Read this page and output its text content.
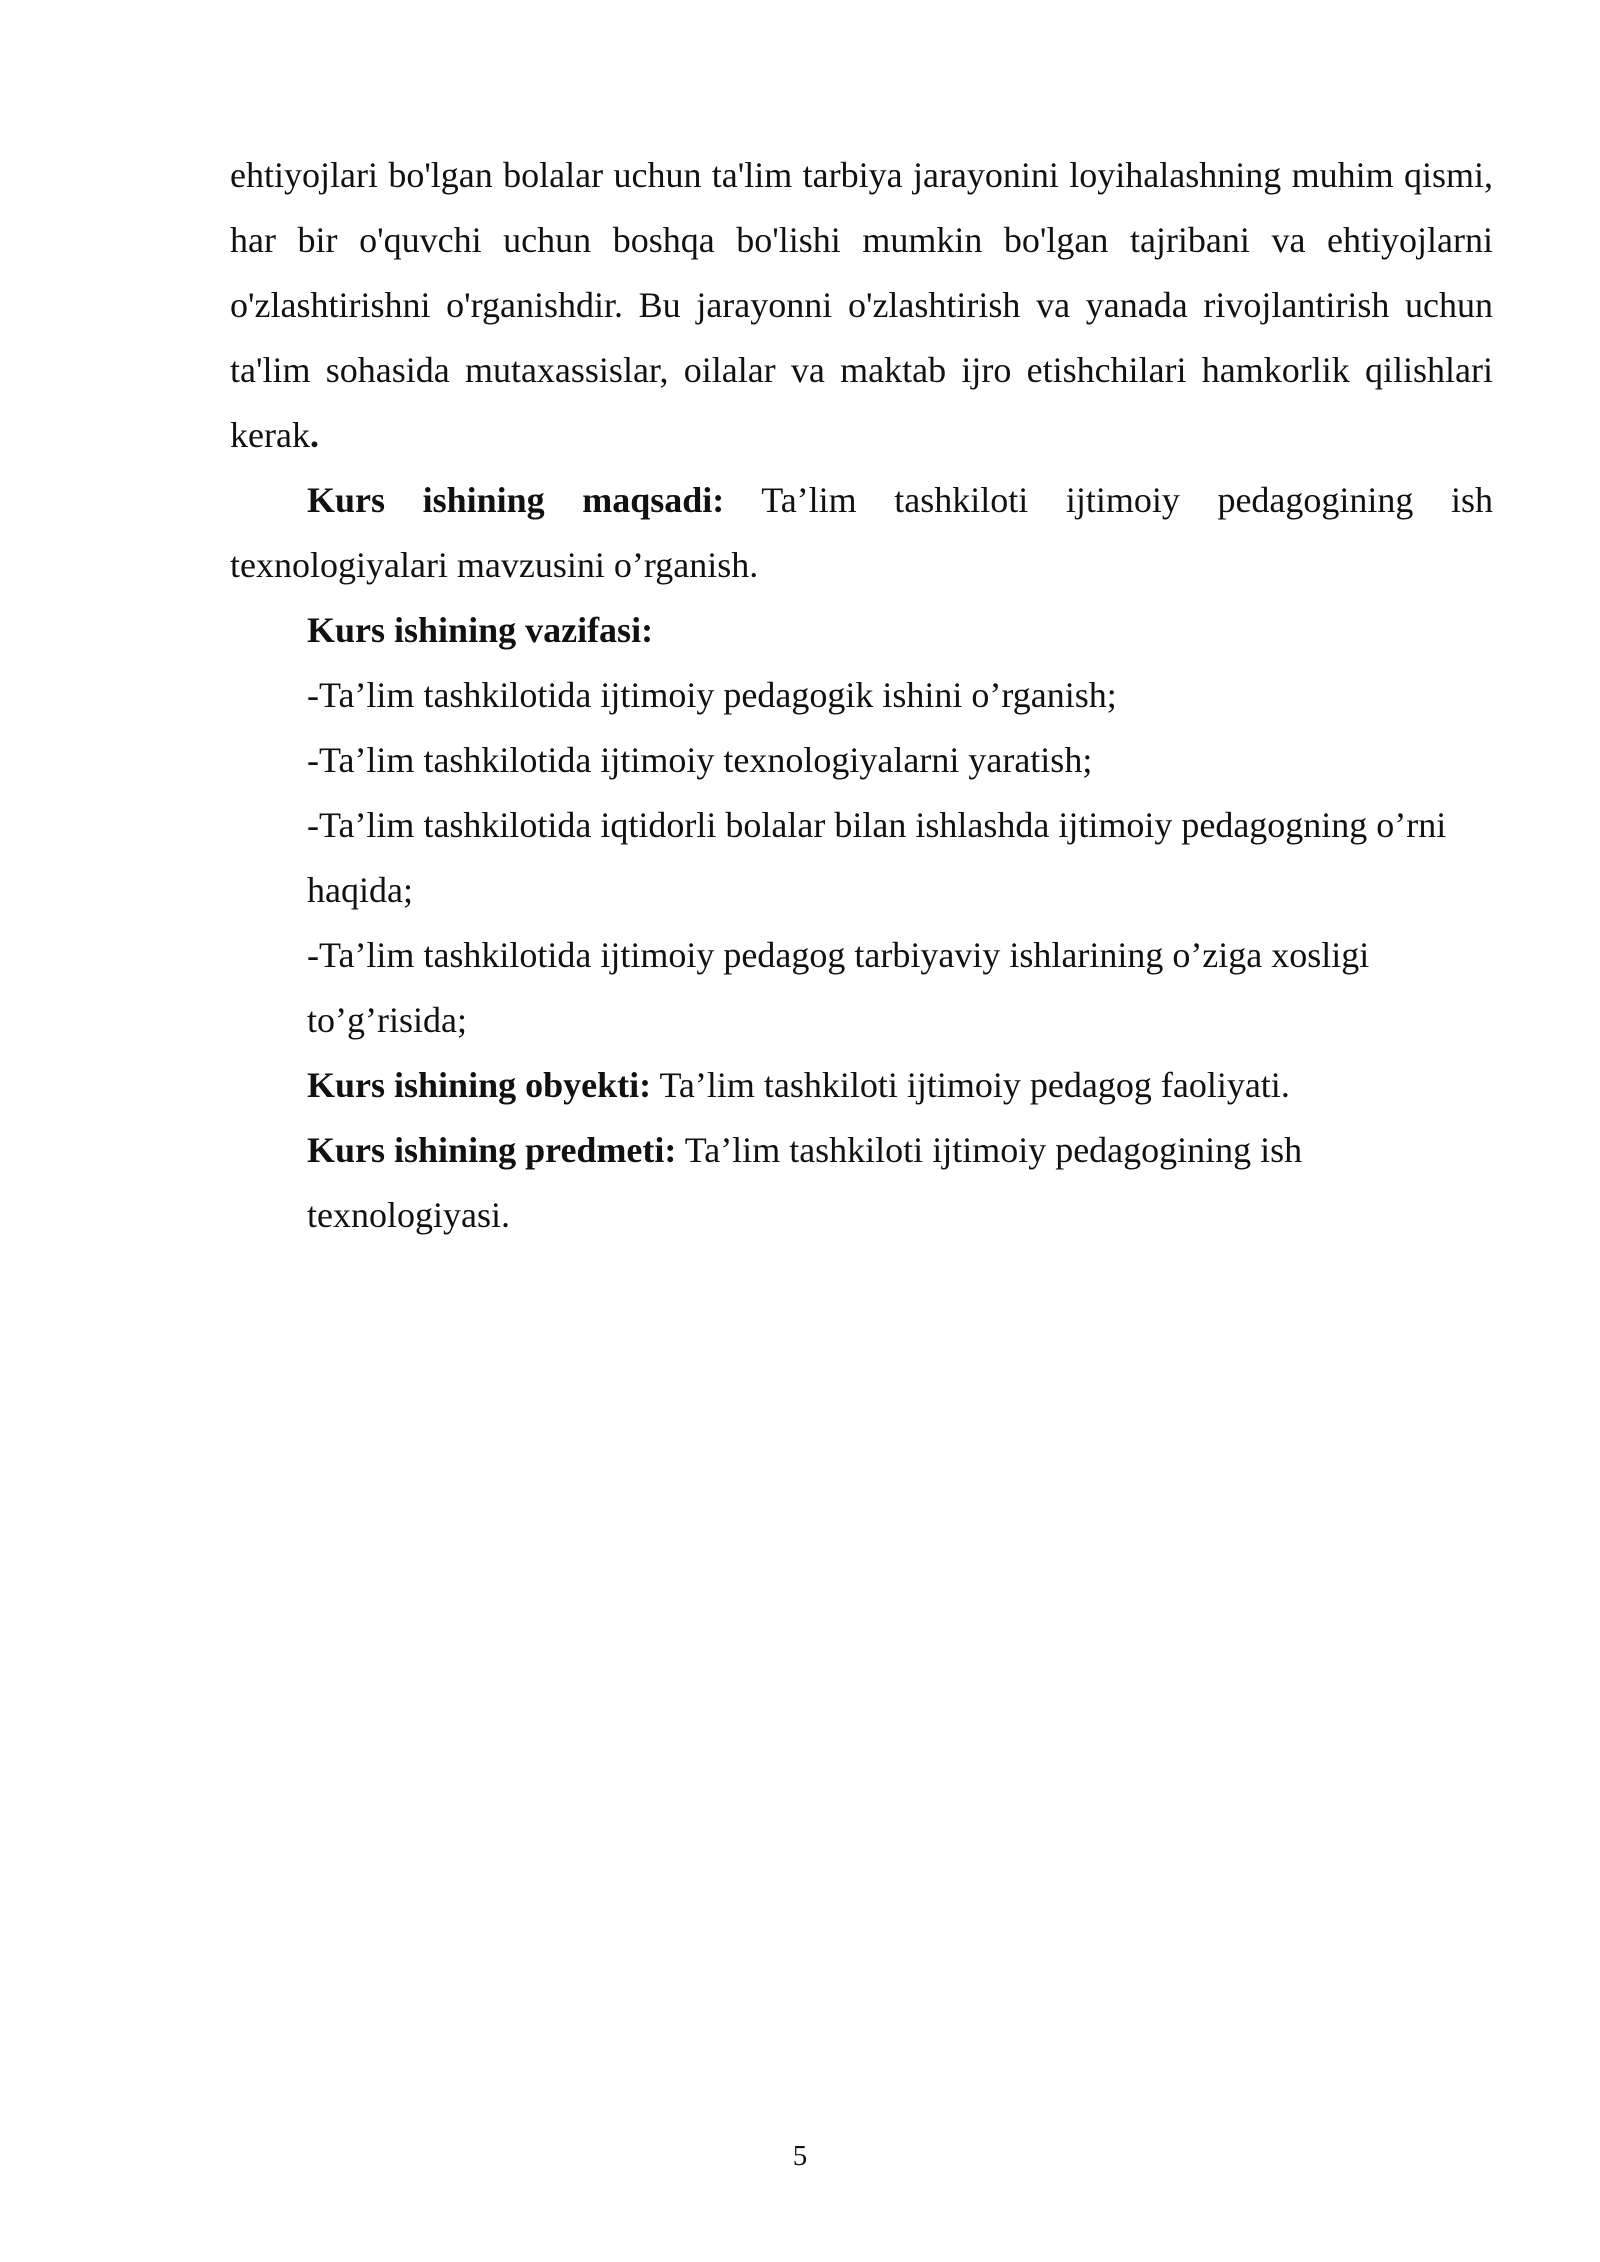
ehtiyojlari bo'lgan bolalar uchun ta'lim tarbiya jarayonini loyihalashning muhim qismi, har bir o'quvchi uchun boshqa bo'lishi mumkin bo'lgan tajribani va ehtiyojlarni o'zlashtirishni o'rganishdir. Bu jarayonni o'zlashtirish va yanada rivojlantirish uchun ta'lim sohasida mutaxassislar, oilalar va maktab ijro etishchilari hamkorlik qilishlari kerak.

Kurs ishining maqsadi: Ta’lim tashkiloti ijtimoiy pedagogining ish texnologiyalari mavzusini o’rganish.

Kurs ishining vazifasi:

-Ta’lim tashkilotida ijtimoiy pedagogik ishini o’rganish;

-Ta’lim tashkilotida ijtimoiy texnologiyalarni yaratish;

-Ta’lim tashkilotida iqtidorli bolalar bilan ishlashda ijtimoiy pedagogning o’rni haqida;

-Ta’lim tashkilotida ijtimoiy pedagog tarbiyaviy ishlarining o’ziga xosligi to’g’risida;

Kurs ishining obyekti: Ta’lim tashkiloti ijtimoiy pedagog faoliyati.

Kurs ishining predmeti: Ta’lim tashkiloti ijtimoiy pedagogining ish texnologiyasi.

5
